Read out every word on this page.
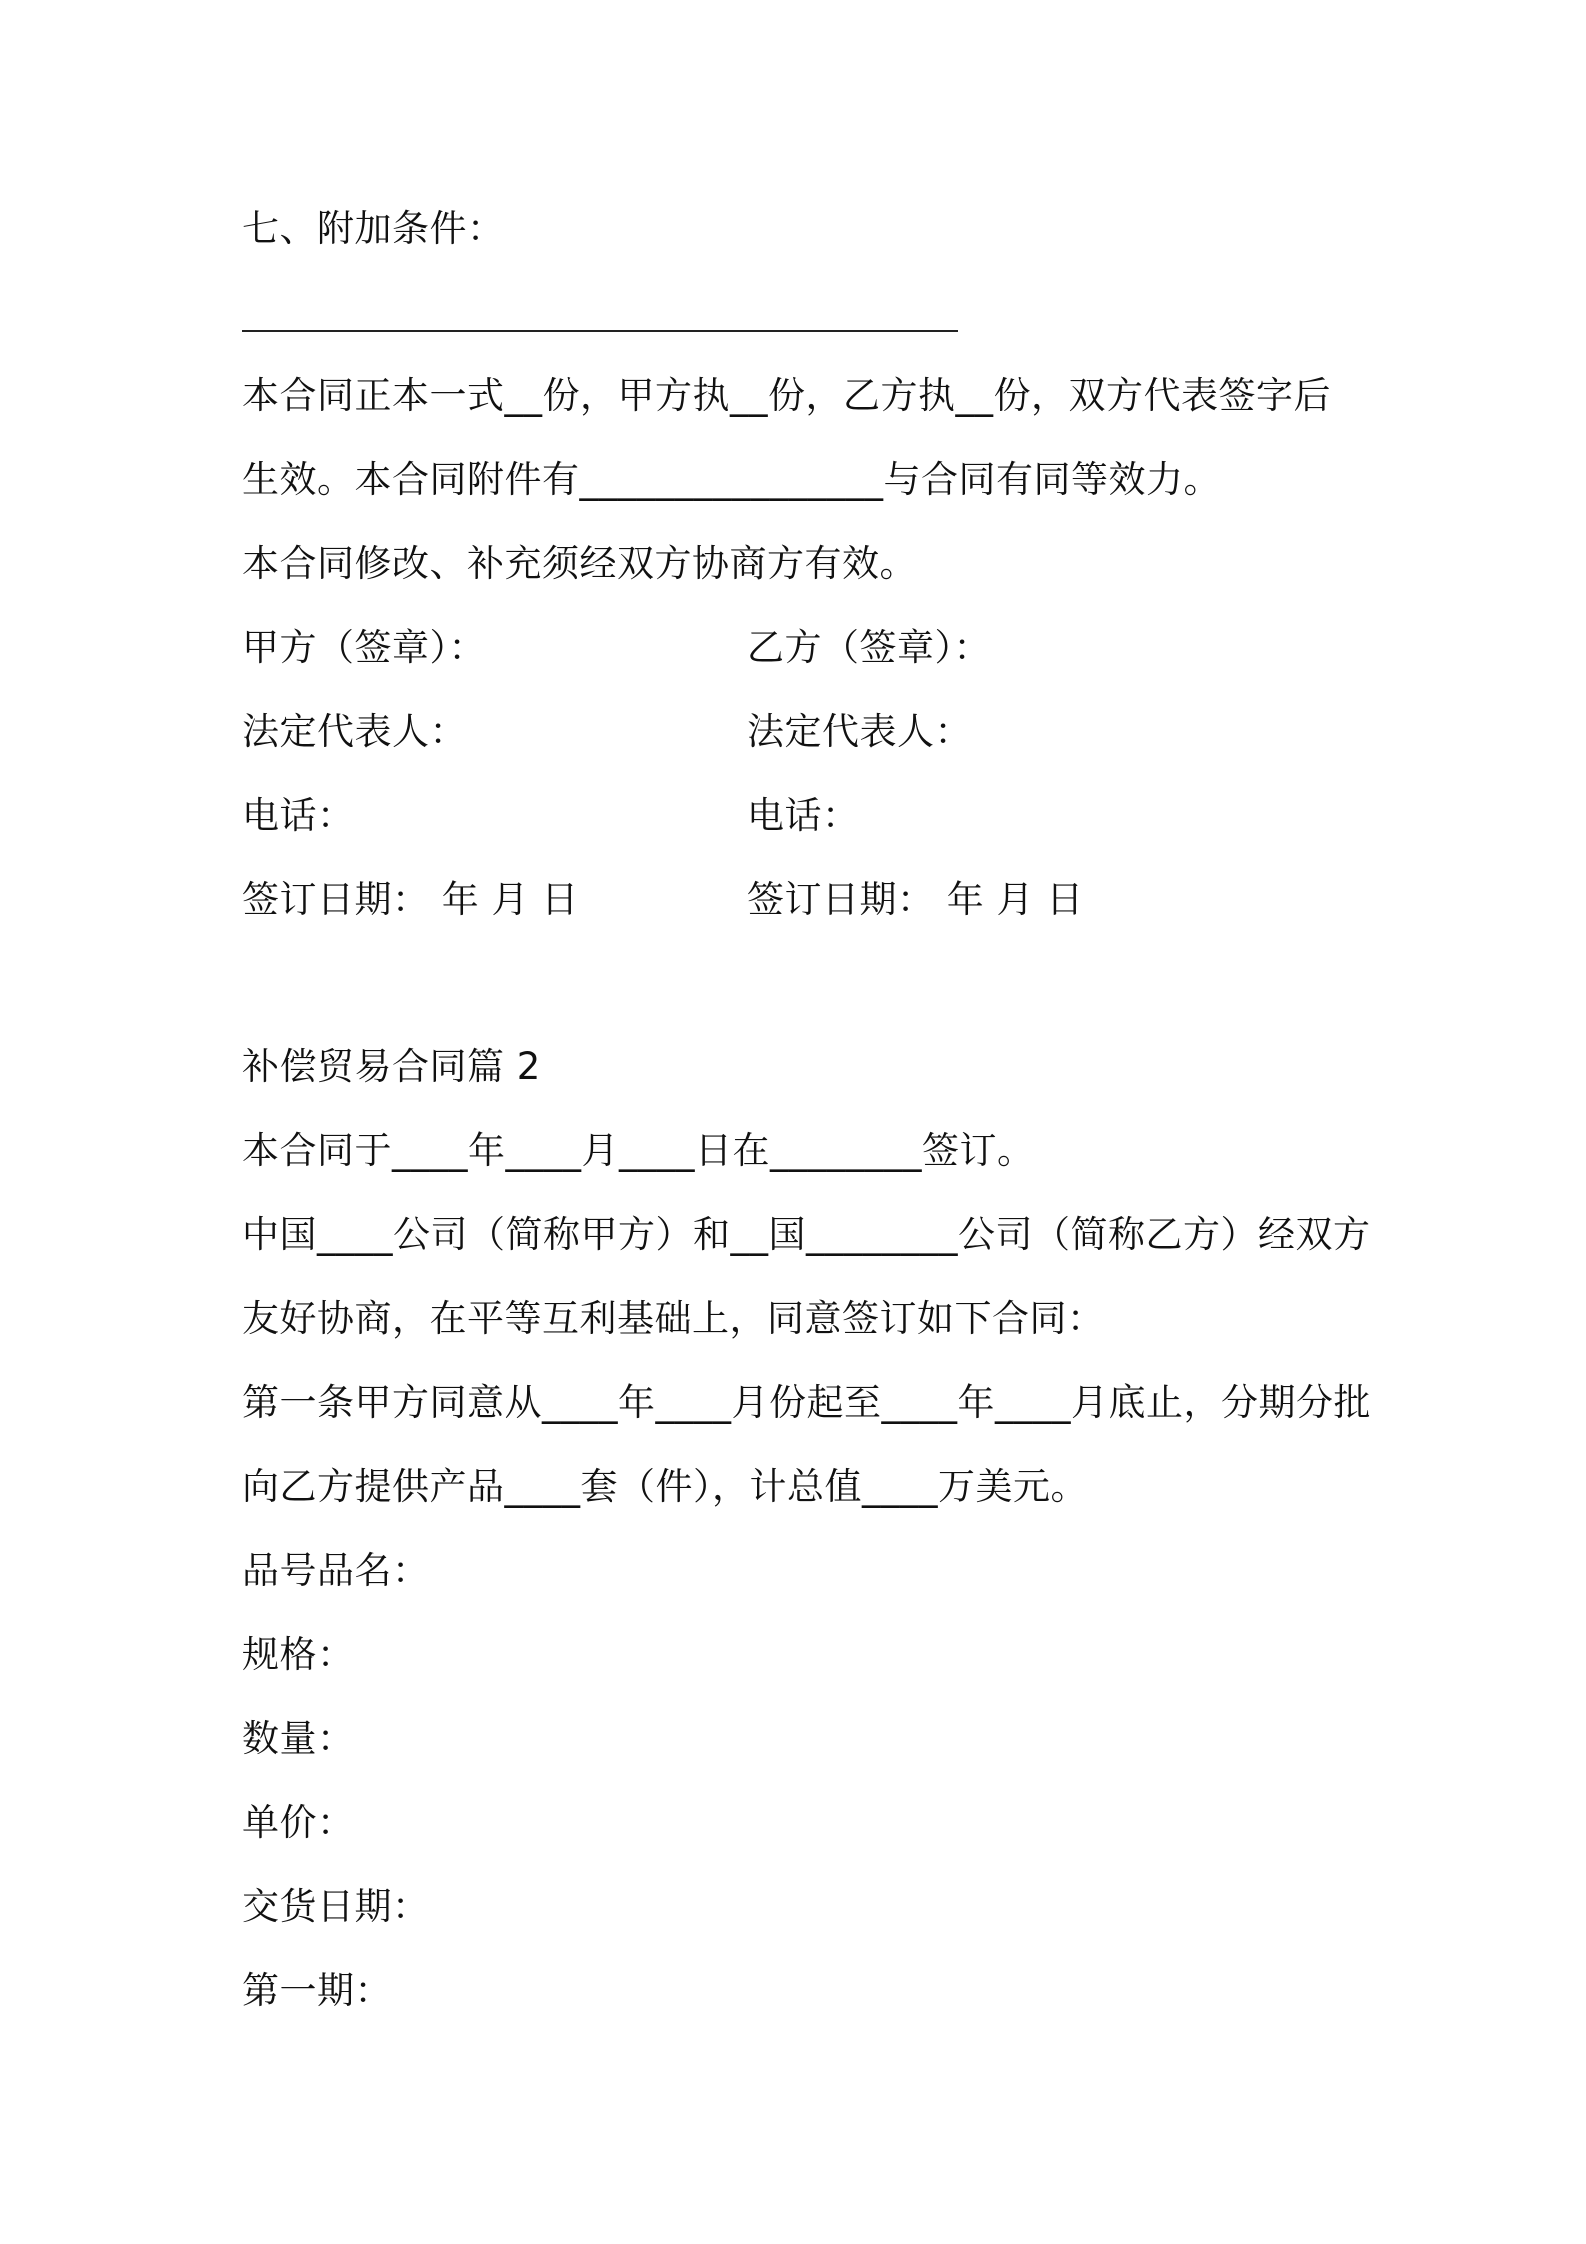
七、附加条件：
本合同正本一式__份，甲方执__份，乙方执__份，双方代表签字后
生效。本合同附件有________________与合同有同等效力。
本合同修改、补充须经双方协商方有效。
甲方（签章）：	乙方（签章）：
法定代表人：	法定代表人：
电话：	电话：
签订日期： 年 月 日	签订日期： 年 月 日
补偿贸易合同篇 2
本合同于____年____月____日在________签订。
中国____公司（简称甲方）和__国________公司（简称乙方）经双方
友好协商，在平等互利基础上，同意签订如下合同：
第一条甲方同意从____年____月份起至____年____月底止，分期分批
向乙方提供产品____套（件），计总值____万美元。
品号品名：
规格：
数量：
单价：
交货日期：
第一期：
